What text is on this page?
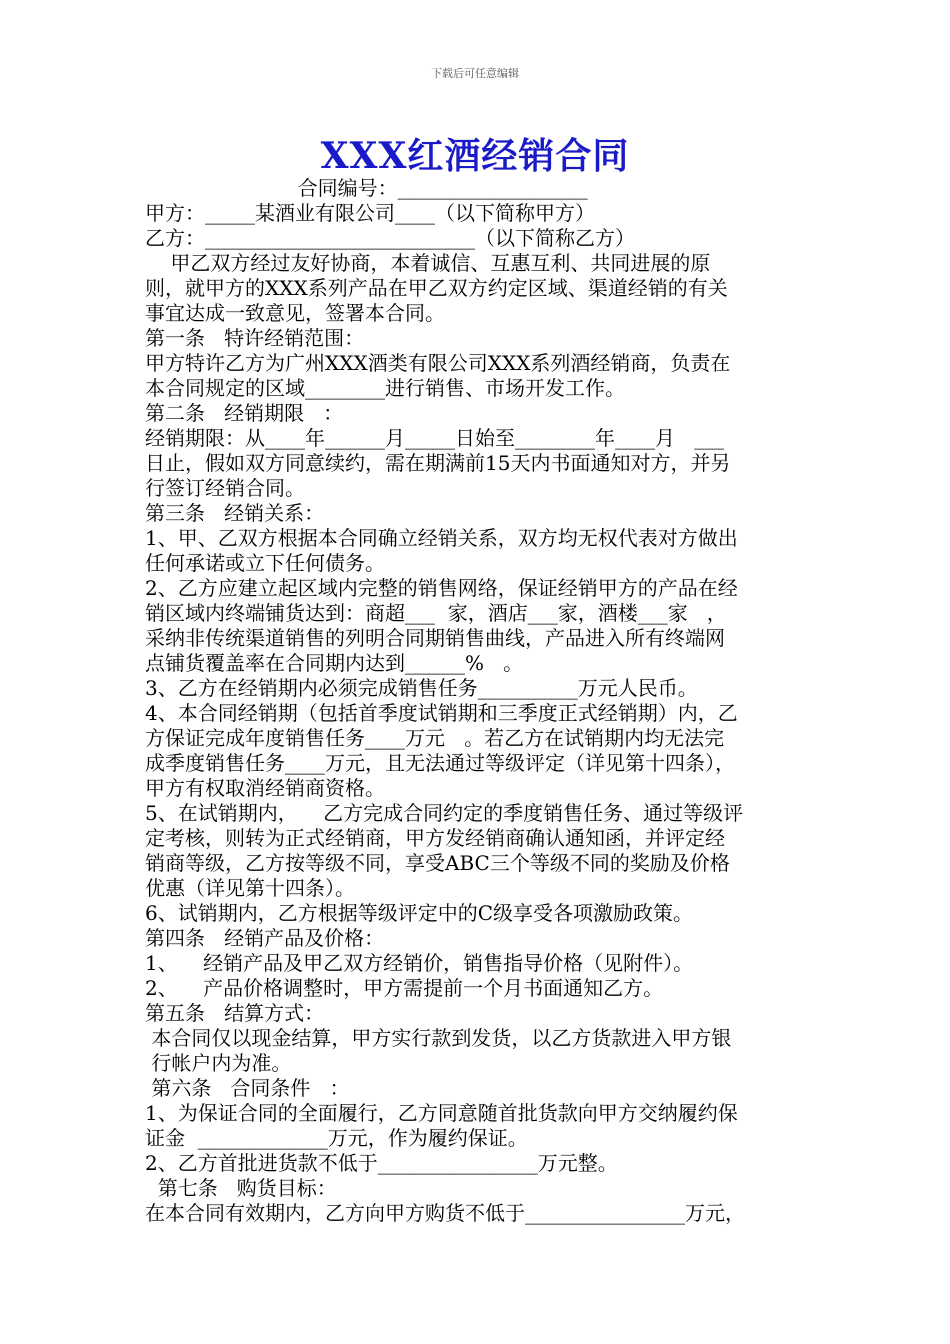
下载后可任意编辑
XXX红酒经销合同
合同编号：___________________
甲方：_____某酒业有限公司____（以下简称甲方）
乙方：___________________________（以下简称乙方）
甲乙双方经过友好协商，本着诚信、互惠互利、共同进展的原
则，就甲方的XXX系列产品在甲乙双方约定区域、渠道经销的有关
事宜达成一致意见，签署本合同。
第一条   特许经销范围：
甲方特许乙方为广州XXX酒类有限公司XXX系列酒经销商，负责在
本合同规定的区域________进行销售、市场开发工作。
第二条   经销期限   ：
经销期限：从____年______月_____日始至________年____月   ___
日止，假如双方同意续约，需在期满前15天内书面通知对方，并另
行签订经销合同。
第三条   经销关系：
1、甲、乙双方根据本合同确立经销关系，双方均无权代表对方做出
任何承诺或立下任何债务。
2、乙方应建立起区域内完整的销售网络，保证经销甲方的产品在经
销区域内终端铺货达到：商超___  家，酒店___家，酒楼___家   ，
采纳非传统渠道销售的列明合同期销售曲线，产品进入所有终端网
点铺货覆盖率在合同期内达到______%   。
3、乙方在经销期内必须完成销售任务__________万元人民币。
4、本合同经销期（包括首季度试销期和三季度正式经销期）内，乙
方保证完成年度销售任务____万元   。若乙方在试销期内均无法完
成季度销售任务____万元，且无法通过等级评定（详见第十四条），
甲方有权取消经销商资格。
5、在试销期内，    乙方完成合同约定的季度销售任务、通过等级评
定考核，则转为正式经销商，甲方发经销商确认通知函，并评定经
销商等级，乙方按等级不同，享受ABC三个等级不同的奖励及价格
优惠（详见第十四条）。
6、试销期内，乙方根据等级评定中的C级享受各项激励政策。
第四条   经销产品及价格：
1、    经销产品及甲乙双方经销价，销售指导价格（见附件）。
2、    产品价格调整时，甲方需提前一个月书面通知乙方。
第五条   结算方式：
本合同仅以现金结算，甲方实行款到发货，以乙方货款进入甲方银
行帐户内为准。
第六条   合同条件   ：
1、为保证合同的全面履行，乙方同意随首批货款向甲方交纳履约保
证金  _____________万元，作为履约保证。
2、乙方首批进货款不低于________________万元整。
第七条   购货目标：
在本合同有效期内，乙方向甲方购货不低于________________万元，
